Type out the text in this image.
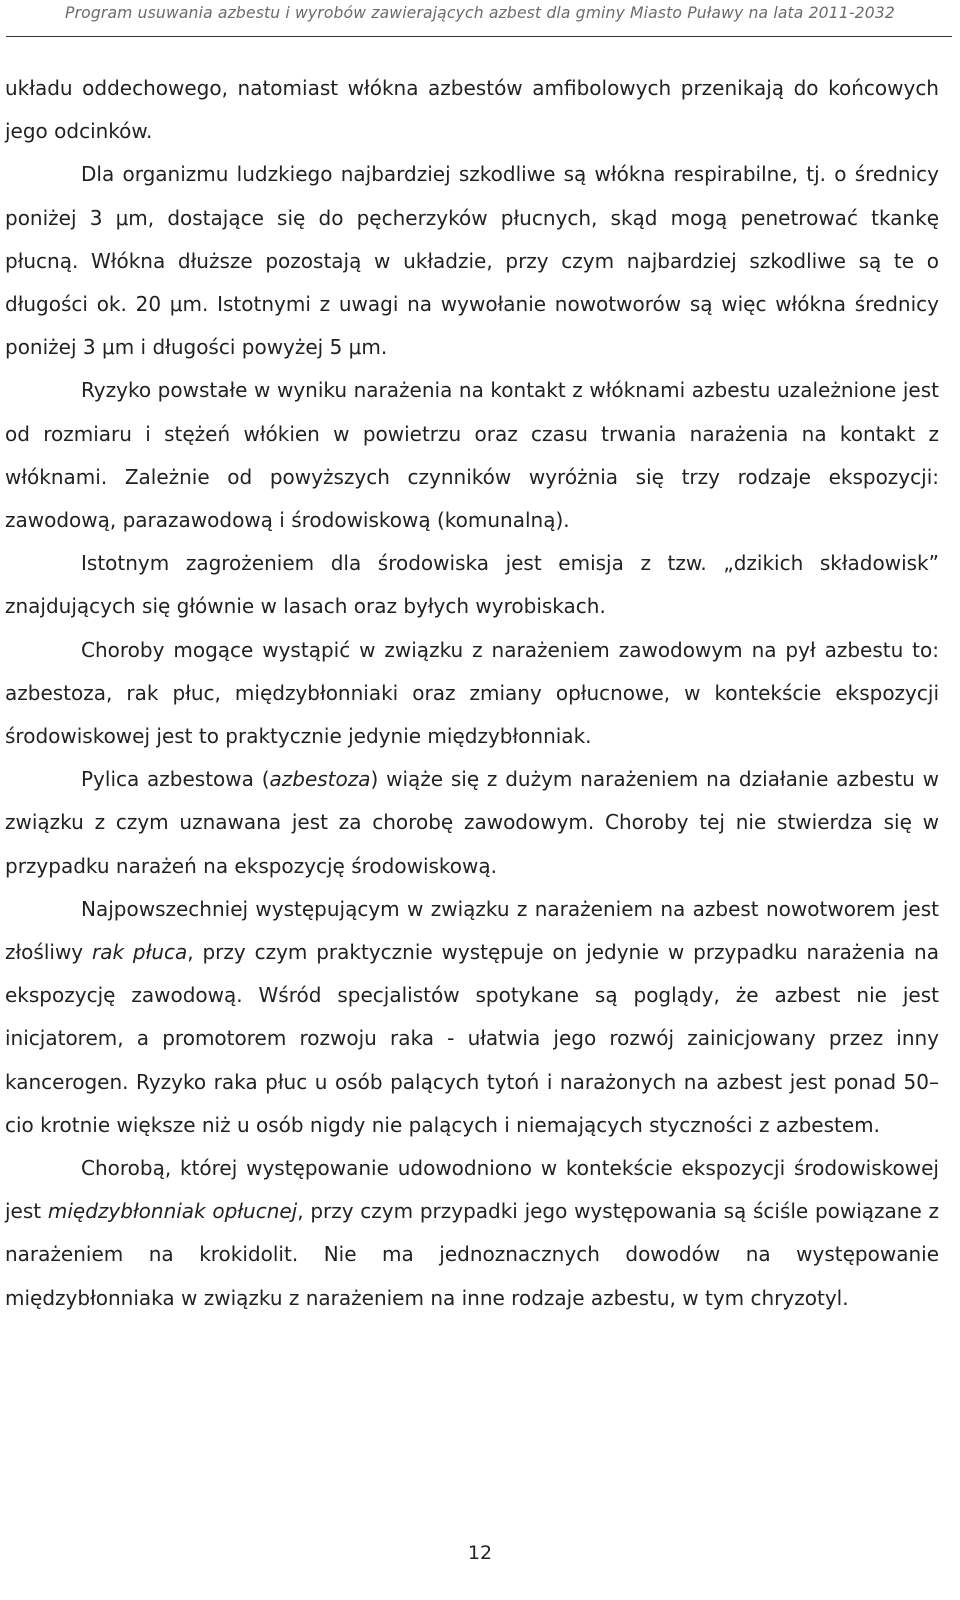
Program usuwania azbestu i wyrobów zawierających azbest dla gminy Miasto Puławy na lata 2011-2032

układu oddechowego, natomiast włókna azbestów amfibolowych przenikają do końcowych jego odcinków.

Dla organizmu ludzkiego najbardziej szkodliwe są włókna respirabilne, tj. o średnicy poniżej 3 μm, dostające się do pęcherzyków płucnych, skąd mogą penetrować tkankę płucną. Włókna dłuższe pozostają w układzie, przy czym najbardziej szkodliwe są te o długości ok. 20 μm. Istotnymi z uwagi na wywołanie nowotworów są więc włókna średnicy poniżej 3 μm i długości powyżej 5 μm.

Ryzyko powstałe w wyniku narażenia na kontakt z włóknami azbestu uzależnione jest od rozmiaru i stężeń włókien w powietrzu oraz czasu trwania narażenia na kontakt z włóknami. Zależnie od powyższych czynników wyróżnia się trzy rodzaje ekspozycji: zawodową, parazawodową i środowiskową (komunalną).

Istotnym zagrożeniem dla środowiska jest emisja z tzw. „dzikich składowisk” znajdujących się głównie w lasach oraz byłych wyrobiskach.

Choroby mogące wystąpić w związku z narażeniem zawodowym na pył azbestu to: azbestoza, rak płuc, międzybłonniaki oraz zmiany opłucnowe, w kontekście ekspozycji środowiskowej jest to praktycznie jedynie międzybłonniak.

Pylica azbestowa (azbestoza) wiąże się z dużym narażeniem na działanie azbestu w związku z czym uznawana jest za chorobę zawodowym. Choroby tej nie stwierdza się w przypadku narażeń na ekspozycję środowiskową.

Najpowszechniej występującym w związku z narażeniem na azbest nowotworem jest złośliwy rak płuca, przy czym praktycznie występuje on jedynie w przypadku narażenia na ekspozycję zawodową. Wśród specjalistów spotykane są poglądy, że azbest nie jest inicjatorem, a promotorem rozwoju raka - ułatwia jego rozwój zainicjowany przez inny kancerogen. Ryzyko raka płuc u osób palących tytoń i narażonych na azbest jest ponad 50–cio krotnie większe niż u osób nigdy nie palących i niemających styczności z azbestem.

Chorobą, której występowanie udowodniono w kontekście ekspozycji środowiskowej jest międzybłonniak opłucnej, przy czym przypadki jego występowania są ściśle powiązane z narażeniem na krokidolit. Nie ma jednoznacznych dowodów na występowanie międzybłonniaka w związku z narażeniem na inne rodzaje azbestu, w tym chryzotyl.

12
